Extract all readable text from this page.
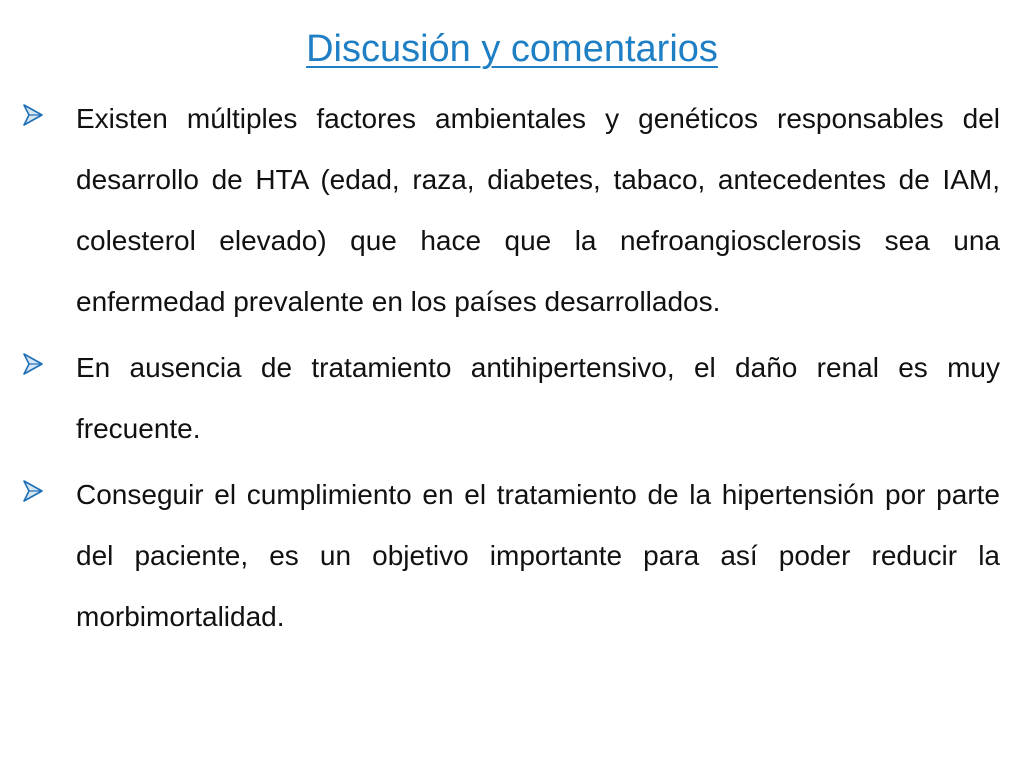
Discusión y comentarios
Existen múltiples factores ambientales y genéticos responsables del desarrollo de HTA (edad, raza, diabetes, tabaco, antecedentes de IAM, colesterol elevado) que hace que la nefroangiosclerosis sea una enfermedad prevalente en los países desarrollados.
En ausencia de tratamiento antihipertensivo, el daño renal es muy frecuente.
Conseguir el cumplimiento en el tratamiento de la hipertensión por parte del paciente, es un objetivo importante para así poder reducir la morbimortalidad.
